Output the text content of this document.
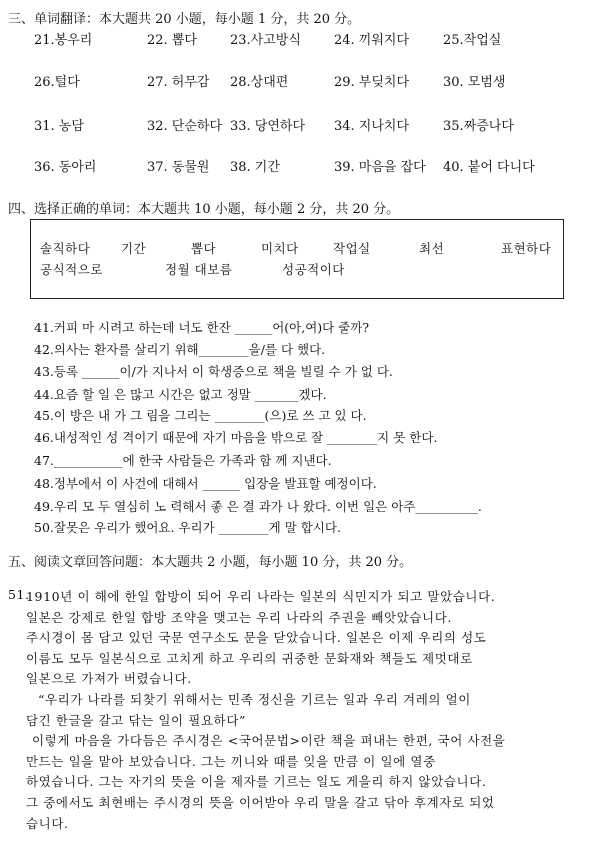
三、单词翻译：本大题共 20 小题，每小题 1 分，共 20 分。
21.봉우리	22. 뽑다	23.사고방식	24. 끼워지다	25.작업실
26.털다	27. 허무감 28.상대편	29. 부딪치다	30. 모범생
31. 농담	32. 단순하다 33. 당연하다 34. 지나치다	35.짜증나다
36. 동아리	37. 동물원 38. 기간	39. 마음을 잡다 40. 붙어 다니다
四、选择正确的单词：本大题共 10 小题，每小题 2 分，共 20 分。
솔직하다 기간	뽑다	미치다	작업실	최선	표현하다
공식적으로	정월 대보름	성공적이다
41.커피 마 시려고 하는데 너도 한잔 ______어(아,여)다 줄까?
42.의사는 환자를 살리기 위해________을/를 다 했다.
43.등록 ______이/가 지나서 이 학생증으로 책을 빌릴 수 가 없 다.
44.요즘 할 일 은 많고 시간은 없고 정말 _______겠다.
45.이 방은 내 가 그 림을 그리는 ________(으)로 쓰 고 있 다.
46.내성적인 성 격이기 때문에 자기 마음을 밖으로 잘 ________지 못 한다.
47.___________에 한국 사람들은 가족과 함 께 지낸다.
48.정부에서 이 사건에 대해서 ______ 입장을 발표할 예정이다.
49.우리 모 두 열심히 노 력해서 좋 은 결 과가 나 왔다. 이번 일은 아주__________.
50.잘못은 우리가 했어요. 우리가 ________게 말 합시다.
五、阅读文章回答问题：本大题共 2 小题，每小题 10 分，共 20 分。
51.
1910년 이 해에 한일 합방이 되어 우리 나라는 일본의 식민지가 되고 말았습니다.
일본은 강제로 한일 합방 조약을 맺고는 우리 나라의 주권을 빼앗았습니다.
주시경이 몸 담고 있던 국문 연구소도 문을 닫았습니다. 일본은 이제 우리의 성도
이름도 모두 일본식으로 고치게 하고 우리의 귀중한 문화재와 책들도 제멋대로
일본으로 가져가 버렸습니다.
“우리가 나라를 되찾기 위해서는 민족 정신을 기르는 일과 우리 겨레의 얼이
담긴 한글을 갈고 닦는 일이 필요하다”
이렇게 마음을 가다듬은 주시경은 <국어문법>이란 책을 펴내는 한편, 국어 사전을
만드는 일을 맡아 보았습니다. 그는 끼니와 때를 잊을 만큼 이 일에 열중
하였습니다. 그는 자기의 뜻을 이을 제자를 기르는 일도 게을리 하지 않았습니다.
그 중에서도 최현배는 주시경의 뜻을 이어받아 우리 말을 갈고 닦아 후계자로 되었
습니다.
